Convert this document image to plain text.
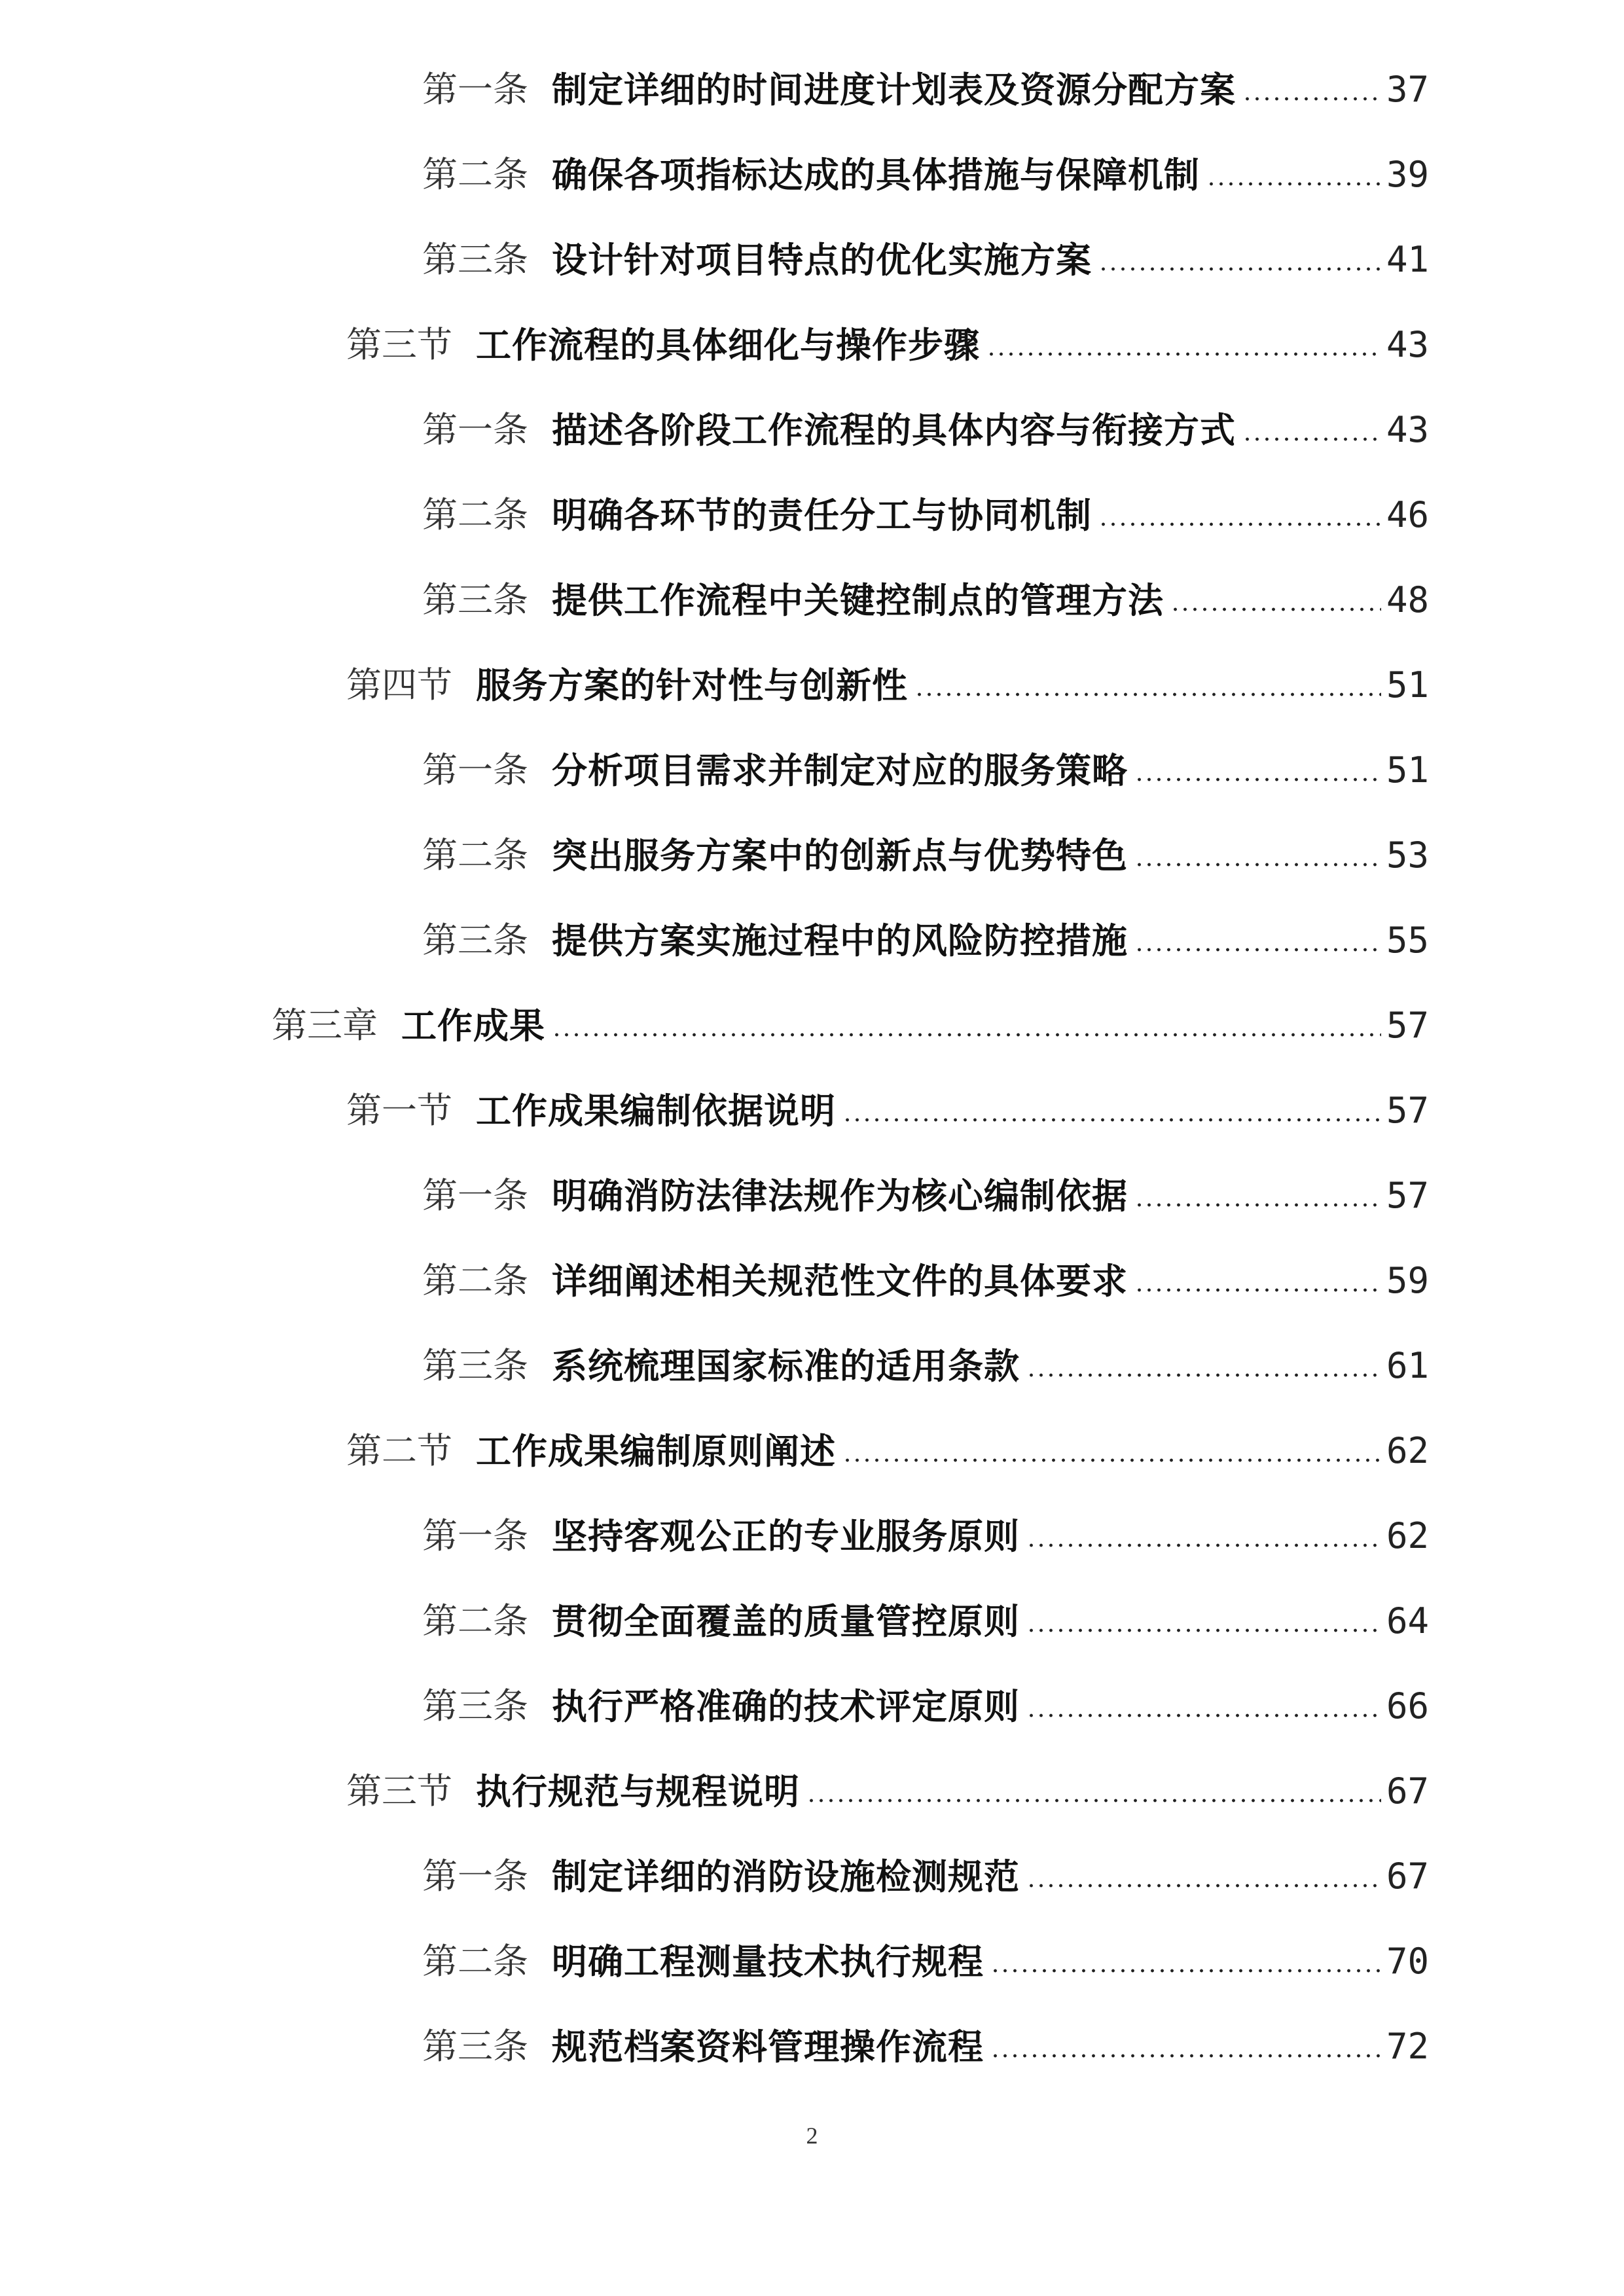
第一条 制定详细的时间进度计划表及资源分配方案	37
第二条 确保各项指标达成的具体措施与保障机制	39
第三条 设计针对项目特点的优化实施方案	41
第三节 工作流程的具体细化与操作步骤	43
第一条 描述各阶段工作流程的具体内容与衔接方式	43
第二条 明确各环节的责任分工与协同机制	46
第三条 提供工作流程中关键控制点的管理方法	48
第四节 服务方案的针对性与创新性	51
第一条 分析项目需求并制定对应的服务策略	51
第二条 突出服务方案中的创新点与优势特色	53
第三条 提供方案实施过程中的风险防控措施	55
第三章 工作成果	57
第一节 工作成果编制依据说明	57
第一条 明确消防法律法规作为核心编制依据	57
第二条 详细阐述相关规范性文件的具体要求	59
第三条 系统梳理国家标准的适用条款	61
第二节 工作成果编制原则阐述	62
第一条 坚持客观公正的专业服务原则	62
第二条 贯彻全面覆盖的质量管控原则	64
第三条 执行严格准确的技术评定原则	66
第三节 执行规范与规程说明	67
第一条 制定详细的消防设施检测规范	67
第二条 明确工程测量技术执行规程	70
第三条 规范档案资料管理操作流程	72
2
